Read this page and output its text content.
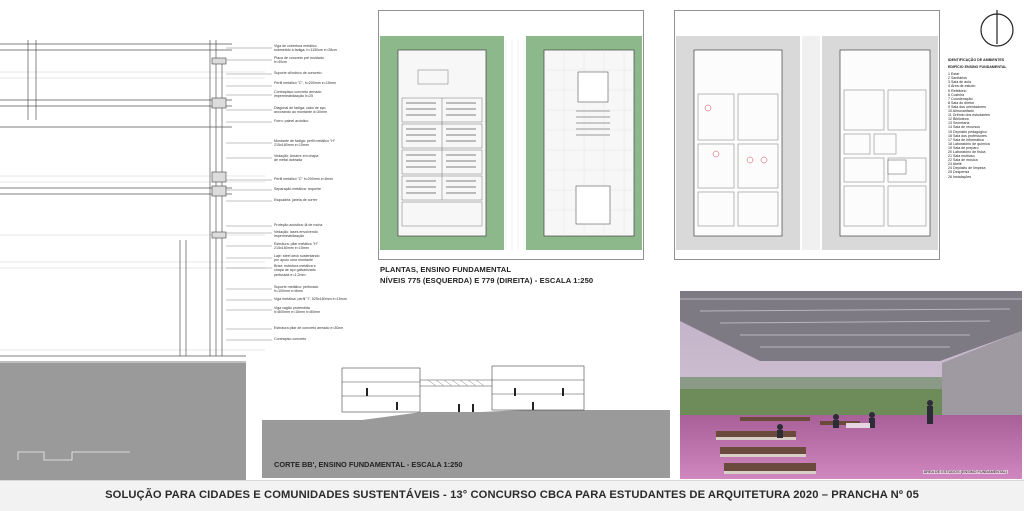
Viga de cobertura metálico
submetido à fadiga; h=1150cm e=28cm
Placa de concreto pré moldado
h=40cm
Suporte cilíndrico de concreto
Perfil metálico "C", h=200mm e=15mm
Contraplaco concreto armado
impermeabilização h=25
Diagonal de fadiga: cabo de aço
ancorando ao montante d=30mm
Forro: painel acústico
Montante de fadiga: perfil metálico "H"
215x180mm e=15mm
Vedação: Amarre em chapa
de metal dobrada
Perfil metálico "C" h=200mm e=8mm
Separação metálica: requeire
Esquadria: janela de correr
Proteção acústica: lã de rocha
Vedação: lases envolvendo
impermeabilização
Estrutura: pilar metálico "H"
215x180mm e=15mm
Laje: steel deck sustentando
por apoio uma montante
Brise: estrutura metálica e
chapa de aço galvanizado
perfurada e=1,2mm
Suporte metálico: perfurado
h=100mm e=8mm
Viga metálica: perfil "I", 525x180mm e=15mm
Viga vagão protendida
h=800mm e=15mm h=80mm
Estrutura pilar de concreto armado e=30cm
Contrapiso concreto
IDENTIFICAÇÃO DE AMBIENTES
EDIFÍCIO ENSINO FUNDAMENTAL
1 Estar
2 Sanitários
3 Sala de aula
4 Área de estudo
5 Refeitório
6 Cozinha
7 Coordenação
8 Sala do diretor
9 Sala dos orientadores
10 Almoxarifado
11 Grêmio dos estudantes
12 Biblioteca
13 Secretaria
14 Sala de recursos
15 Depósito pedagógico
16 Sala dos professores
17 Sala de informática
18 Laboratório de química
19 Sala de preparo
20 Laboratório de física
21 Sala multiuso
22 Sala de música
23 Ateliê
24 Depósito de limpeza
25 Despensa
26 Instalações
PLANTAS, ENSINO FUNDAMENTAL
NÍVEIS 775 (ESQUERDA) E 779 (DIREITA) - ESCALA 1:250
CORTE BB', ENSINO FUNDAMENTAL - ESCALA 1:250
ÁREA DE ESTUDOS (ENSINO FUNDAMENTAL)
SOLUÇÃO PARA CIDADES E COMUNIDADES SUSTENTÁVEIS - 13° CONCURSO CBCA PARA ESTUDANTES DE ARQUITETURA 2020 – PRANCHA Nº 05
